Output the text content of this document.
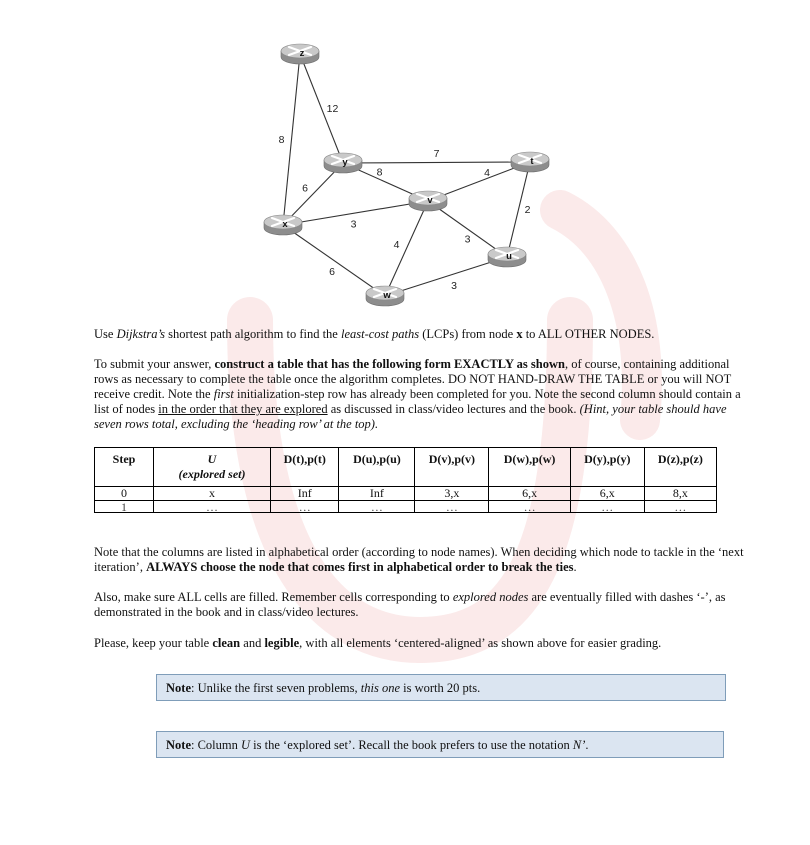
12
8
7
6
8	4
3
3
4
2
6
3
z
y	t
v
x
u
w

Use Dijkstra’s shortest path algorithm to find the least-cost paths (LCPs) from node x to ALL OTHER NODES.

To submit your answer, construct a table that has the following form EXACTLY as shown, of course, containing additional rows as necessary to complete the table once the algorithm completes. DO NOT HAND-DRAW THE TABLE or you will NOT receive credit. Note the first initialization-step row has already been completed for you. Note the second column should contain a list of nodes in the order that they are explored as discussed in class/video lectures and the book. (Hint, your table should have seven rows total, excluding the ‘heading row’ at the top).

Step	U
(explored set)	D(t),p(t)	D(u),p(u)	D(v),p(v)	D(w),p(w)	D(y),p(y)	D(z),p(z)
0	x	Inf	Inf	3,x	6,x	6,x	8,x
1	…	…	…	…	…	…	…

Note that the columns are listed in alphabetical order (according to node names). When deciding which node to tackle in the ‘next iteration’, ALWAYS choose the node that comes first in alphabetical order to break the ties.

Also, make sure ALL cells are filled. Remember cells corresponding to explored nodes are eventually filled with dashes ‘-’, as demonstrated in the book and in class/video lectures.

Please, keep your table clean and legible, with all elements ‘centered-aligned’ as shown above for easier grading.

Note: Unlike the first seven problems, this one is worth 20 pts.
Note: Column U is the ‘explored set’. Recall the book prefers to use the notation N’.
